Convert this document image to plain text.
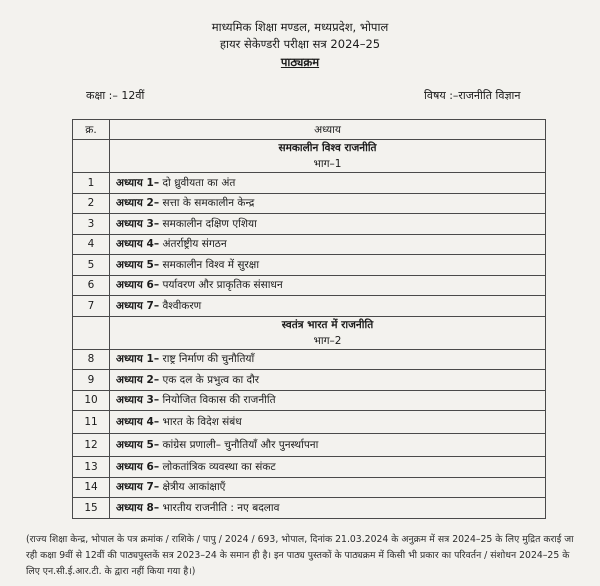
माध्यमिक शिक्षा मण्डल, मध्यप्रदेश, भोपाल
हायर सेकेण्डरी परीक्षा सत्र 2024–25
पाठ्यक्रम
कक्षा :– 12वीं	विषय :–राजनीति विज्ञान
क्र.	अध्याय
	समकालीन विश्व राजनीति
भाग–1

1	अध्याय 1– दो ध्रुवीयता का अंत
2	अध्याय 2– सत्ता के समकालीन केन्द्र
3	अध्याय 3– समकालीन दक्षिण एशिया
4	अध्याय 4– अंतर्राष्ट्रीय संगठन
5	अध्याय 5– समकालीन विश्व में सुरक्षा
6	अध्याय 6– पर्यावरण और प्राकृतिक संसाधन
7	अध्याय 7– वैश्वीकरण
	स्वतंत्र भारत में राजनीति
भाग–2

8	अध्याय 1– राष्ट्र निर्माण की चुनौतियाँ
9	अध्याय 2– एक दल के प्रभुत्व का दौर
10	अध्याय 3– नियोजित विकास की राजनीति
11	अध्याय 4– भारत के विदेश संबंध
12	अध्याय 5– कांग्रेस प्रणाली– चुनौतियाँ और पुनर्स्थापना
13	अध्याय 6– लोकतांत्रिक व्यवस्था का संकट
14	अध्याय 7– क्षेत्रीय आकांक्षाएँ
15	अध्याय 8– भारतीय राजनीति : नए बदलाव
(राज्य शिक्षा केन्द्र, भोपाल के पत्र क्रमांक / राशिके / पापु / 2024 / 693, भोपाल, दिनांक 21.03.2024 के अनुक्रम में सत्र 2024–25 के लिए मुद्रित कराई जा रही कक्षा 9वीं से 12वीं की पाठ्यपुस्तकें सत्र 2023–24 के समान ही है। इन पाठ्य पुस्तकों के पाठ्यक्रम में किसी भी प्रकार का परिवर्तन / संशोधन 2024–25 के लिए एन.सी.ई.आर.टी. के द्वारा नहीं किया गया है।)
